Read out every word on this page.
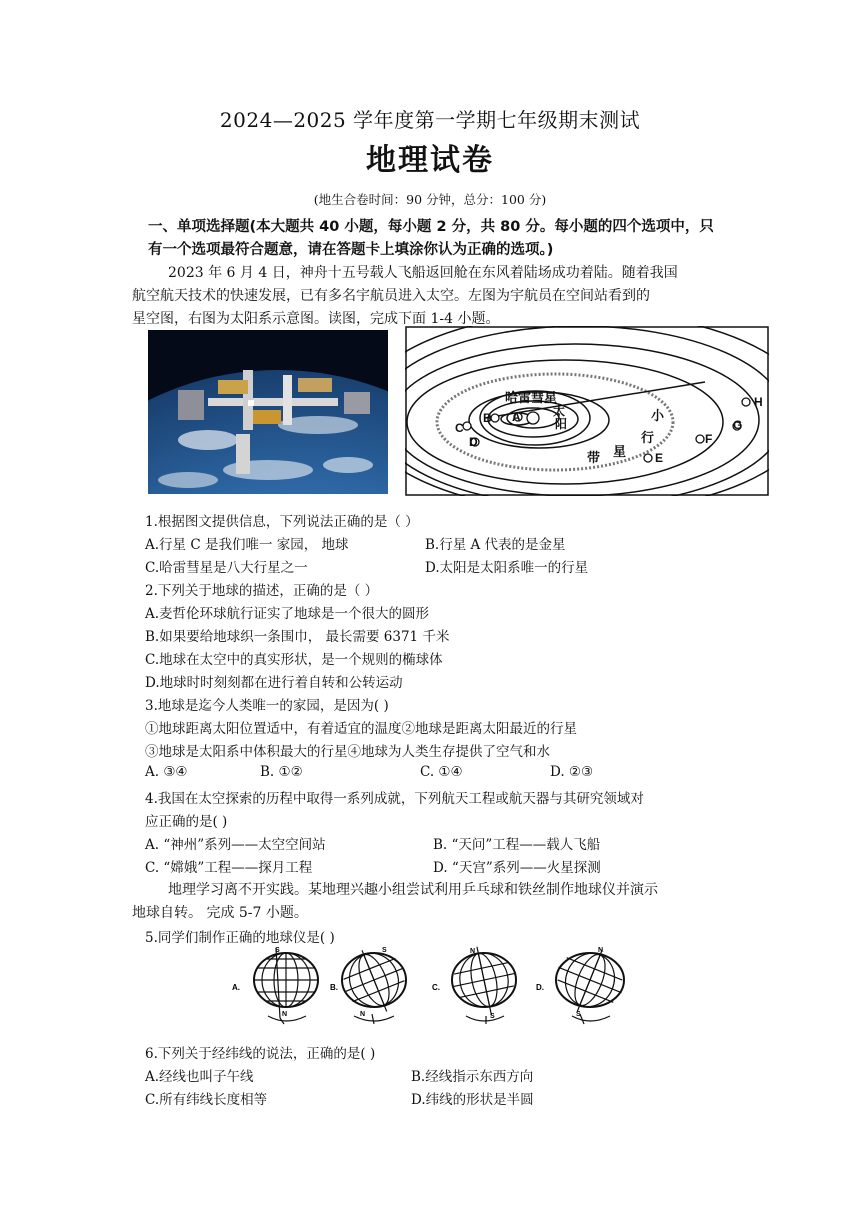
2024—2025 学年度第一学期七年级期末测试
地理试卷
(地生合卷时间：90 分钟，总分：100 分)
一、单项选择题(本大题共 40 小题，每小题 2 分，共 80 分。每小题的四个选项中，只
有一个选项最符合题意，请在答题卡上填涂你认为正确的选项。)
2023 年 6 月 4 日，神舟十五号载人飞船返回舱在东风着陆场成功着陆。随着我国
航空航天技术的快速发展，已有多名宇航员进入太空。左图为宇航员在空间站看到的
星空图，右图为太阳系示意图。读图，完成下面 1-4 小题。
A
B
C
D
E
F
G
H
哈雷彗星
太
阳	小
行
星
带
1.根据图文提供信息，下列说法正确的是（ ）
A.行星 C 是我们唯一 家园， 地球	B.行星 A 代表的是金星
C.哈雷彗星是八大行星之一	D.太阳是太阳系唯一的行星
2.下列关于地球的描述，正确的是（ ）
A.麦哲伦环球航行证实了地球是一个很大的圆形
B.如果要给地球织一条围巾， 最长需要 6371 千米
C.地球在太空中的真实形状，是一个规则的椭球体
D.地球时时刻刻都在进行着自转和公转运动
3.地球是迄今人类唯一的家园，是因为( )
①地球距离太阳位置适中，有着适宜的温度②地球是距离太阳最近的行星
③地球是太阳系中体积最大的行星④地球为人类生存提供了空气和水
A. ③④	B. ①②	C. ①④	D. ②③
4.我国在太空探索的历程中取得一系列成就，下列航天工程或航天器与其研究领域对
应正确的是( )
A. “神州”系列——太空空间站	B. “天问”工程——载人飞船
C. “嫦娥”工程——探月工程	D. “天宫”系列——火星探测
地理学习离不开实践。某地理兴趣小组尝试利用乒乓球和铁丝制作地球仪并演示
地球自转。 完成 5-7 小题。
5.同学们制作正确的地球仪是( )
A.
S
N
B.
S
N
C.
N
S
D.
N
S
6.下列关于经纬线的说法，正确的是( )
A.经线也叫子午线	B.经线指示东西方向
C.所有纬线长度相等	D.纬线的形状是半圆
